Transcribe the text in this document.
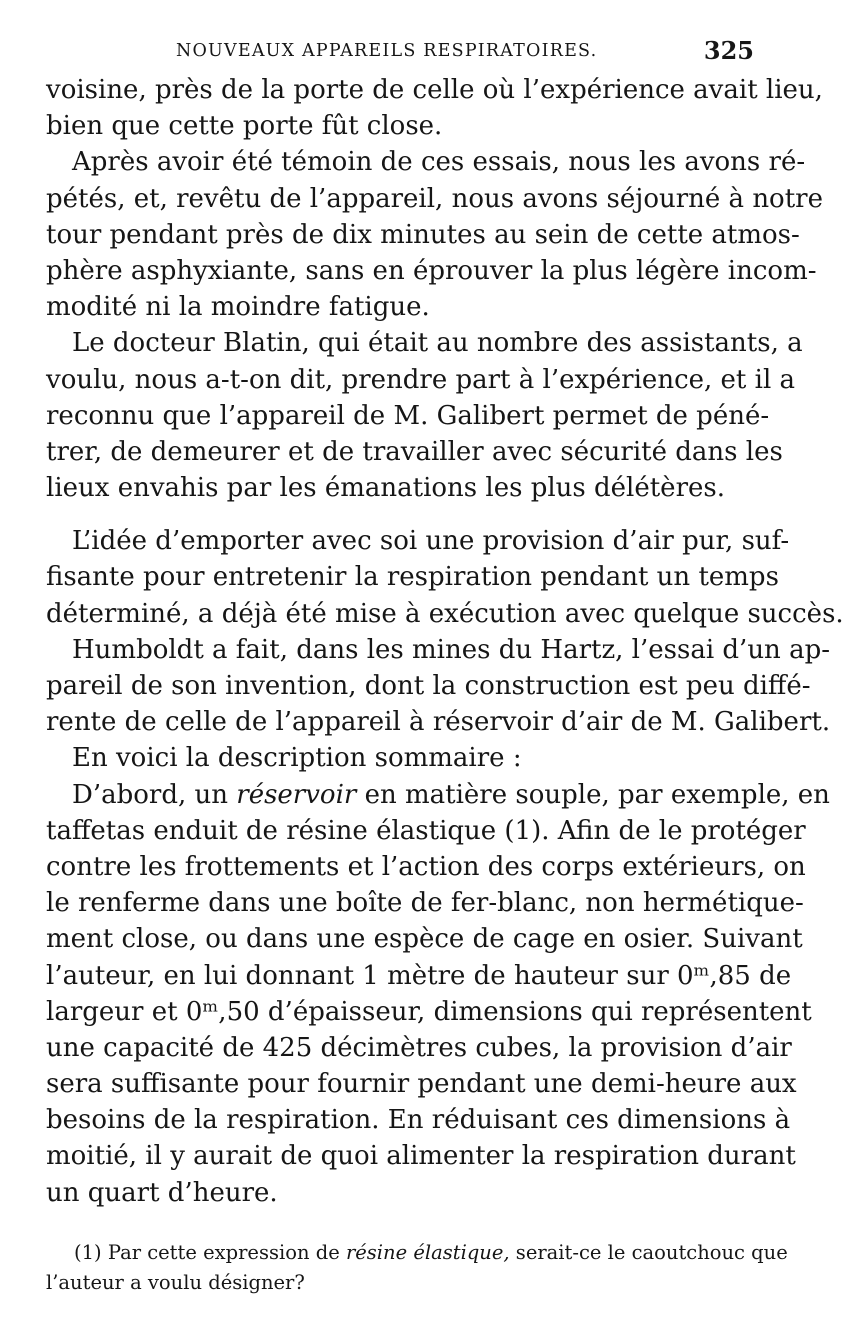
NOUVEAUX APPAREILS RESPIRATOIRES.	325
voisine, près de la porte de celle où l’expérience avait lieu,
bien que cette porte fût close.
Après avoir été témoin de ces essais, nous les avons ré-
pétés, et, revêtu de l’appareil, nous avons séjourné à notre
tour pendant près de dix minutes au sein de cette atmos-
phère asphyxiante, sans en éprouver la plus légère incom-
modité ni la moindre fatigue.
Le docteur Blatin, qui était au nombre des assistants, a
voulu, nous a-t-on dit, prendre part à l’expérience, et il a
reconnu que l’appareil de M. Galibert permet de péné-
trer, de demeurer et de travailler avec sécurité dans les
lieux envahis par les émanations les plus délétères.
L’idée d’emporter avec soi une provision d’air pur, suf-
fisante pour entretenir la respiration pendant un temps
déterminé, a déjà été mise à exécution avec quelque succès.
Humboldt a fait, dans les mines du Hartz, l’essai d’un ap-
pareil de son invention, dont la construction est peu diffé-
rente de celle de l’appareil à réservoir d’air de M. Galibert.
En voici la description sommaire :
D’abord, un réservoir en matière souple, par exemple, en
taffetas enduit de résine élastique (1). Afin de le protéger
contre les frottements et l’action des corps extérieurs, on
le renferme dans une boîte de fer-blanc, non hermétique-
ment close, ou dans une espèce de cage en osier. Suivant
l’auteur, en lui donnant 1 mètre de hauteur sur 0ᵐ,85 de
largeur et 0ᵐ,50 d’épaisseur, dimensions qui représentent
une capacité de 425 décimètres cubes, la provision d’air
sera suffisante pour fournir pendant une demi-heure aux
besoins de la respiration. En réduisant ces dimensions à
moitié, il y aurait de quoi alimenter la respiration durant
un quart d’heure.
(1) Par cette expression de résine élastique, serait-ce le caoutchouc que
l’auteur a voulu désigner?
